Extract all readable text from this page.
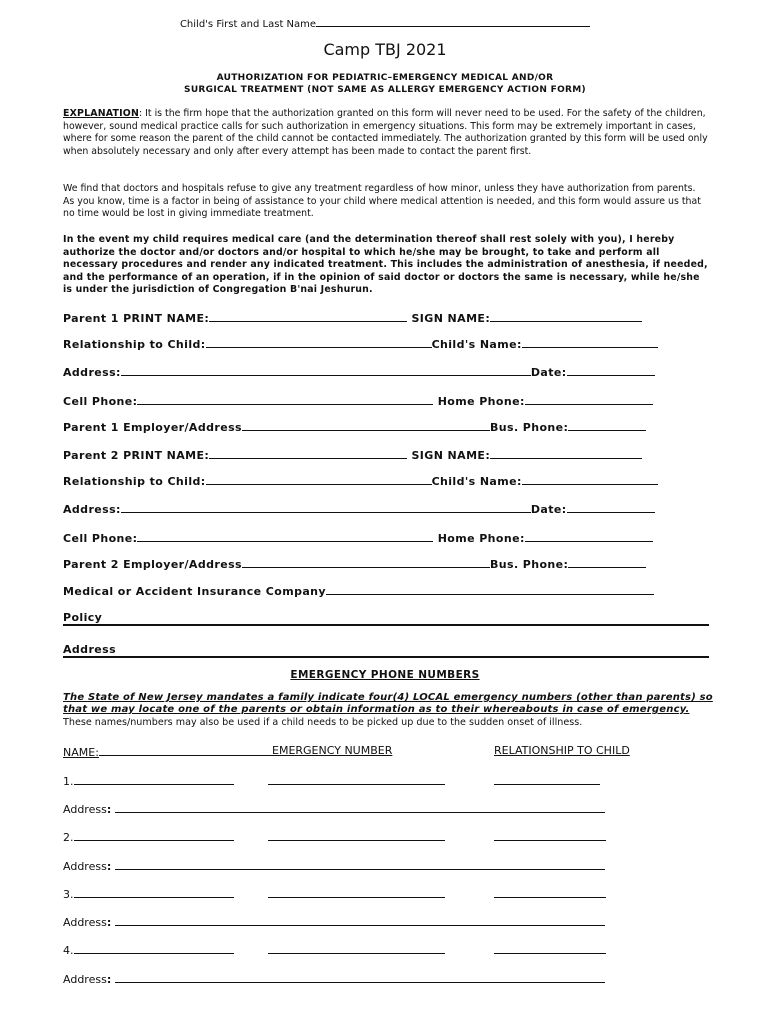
Child's First and Last Name
Camp TBJ 2021
AUTHORIZATION FOR PEDIATRIC–EMERGENCY MEDICAL AND/OR
SURGICAL TREATMENT (NOT SAME AS ALLERGY EMERGENCY ACTION FORM)
EXPLANATION: It is the firm hope that the authorization granted on this form will never need to be used. For the safety of the children, however, sound medical practice calls for such authorization in emergency situations. This form may be extremely important in cases, where for some reason the parent of the child cannot be contacted immediately. The authorization granted by this form will be used only when absolutely necessary and only after every attempt has been made to contact the parent first.
We find that doctors and hospitals refuse to give any treatment regardless of how minor, unless they have authorization from parents. As you know, time is a factor in being of assistance to your child where medical attention is needed, and this form would assure us that no time would be lost in giving immediate treatment.
In the event my child requires medical care (and the determination thereof shall rest solely with you), I hereby authorize the doctor and/or doctors and/or hospital to which he/she may be brought, to take and perform all necessary procedures and render any indicated treatment. This includes the administration of anesthesia, if needed, and the performance of an operation, if in the opinion of said doctor or doctors the same is necessary, while he/she is under the jurisdiction of Congregation B'nai Jeshurun.
Parent 1 PRINT NAME:	SIGN NAME:
Relationship to Child:	Child's Name:
Address:	Date:
Cell Phone:	Home Phone:
Parent 1 Employer/Address	Bus. Phone:
Parent 2 PRINT NAME:	SIGN NAME:
Relationship to Child:	Child's Name:
Address:	Date:
Cell Phone:	Home Phone:
Parent 2 Employer/Address	Bus. Phone:
Medical or Accident Insurance Company
Policy
Address
EMERGENCY PHONE NUMBERS
The State of New Jersey mandates a family indicate four(4) LOCAL emergency numbers (other than parents) so
that we may locate one of the parents or obtain information as to their whereabouts in case of emergency.
These names/numbers may also be used if a child needs to be picked up due to the sudden onset of illness.
NAME:	EMERGENCY NUMBER	RELATIONSHIP TO CHILD
1.
Address:
2.
Address:
3.
Address:
4.
Address:
